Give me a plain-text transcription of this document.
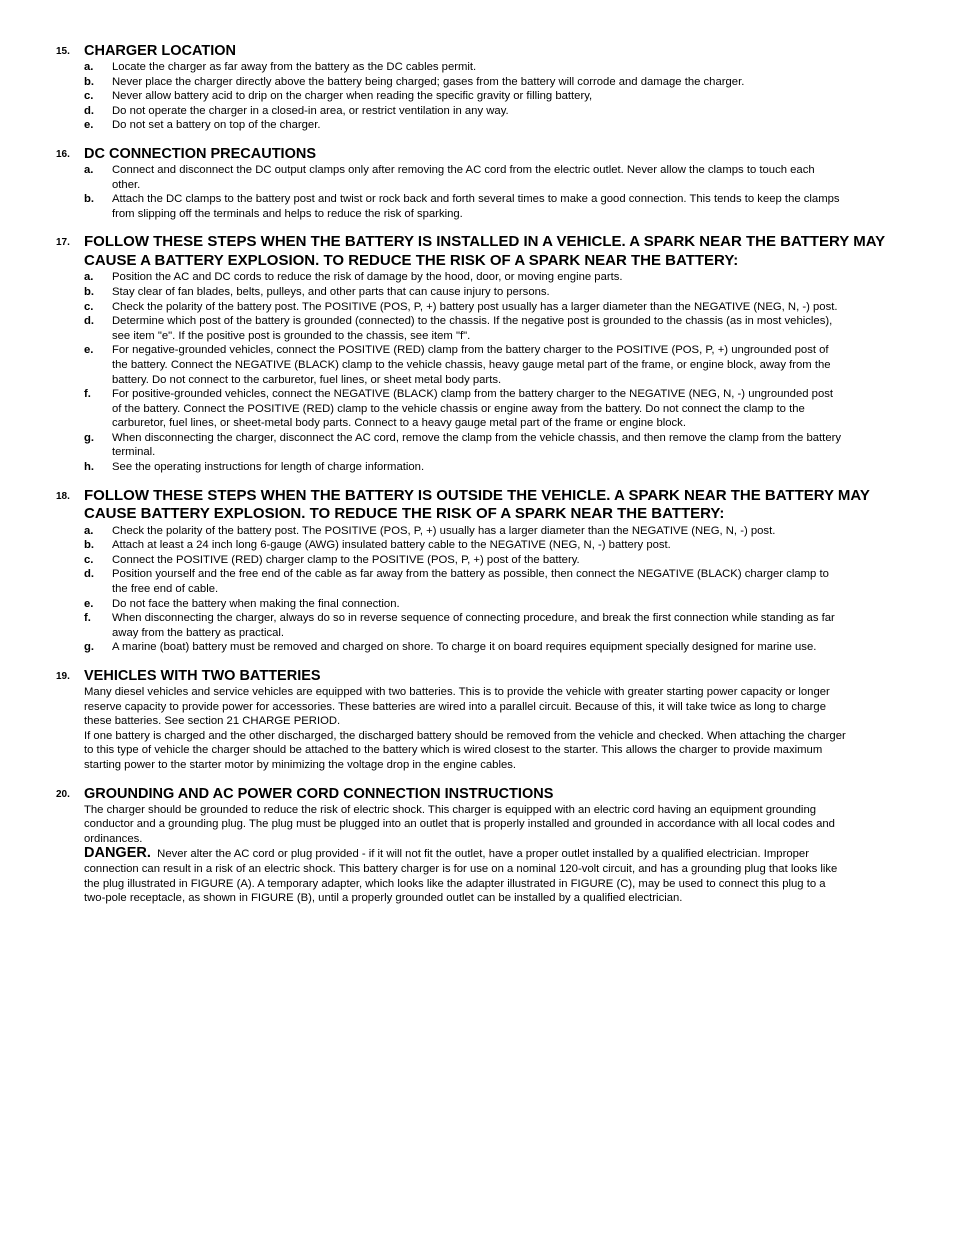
15. CHARGER LOCATION
a. Locate the charger as far away from the battery as the DC cables permit.
b. Never place the charger directly above the battery being charged; gases from the battery will corrode and damage the charger.
c. Never allow battery acid to drip on the charger when reading the specific gravity or filling battery,
d. Do not operate the charger in a closed-in area, or restrict ventilation in any way.
e. Do not set a battery on top of the charger.
16. DC CONNECTION PRECAUTIONS
a. Connect and disconnect the DC output clamps only after removing the AC cord from the electric outlet. Never allow the clamps to touch each other.
b. Attach the DC clamps to the battery post and twist or rock back and forth several times to make a good connection. This tends to keep the clamps from slipping off the terminals and helps to reduce the risk of sparking.
17. FOLLOW THESE STEPS WHEN THE BATTERY IS INSTALLED IN A VEHICLE. A SPARK NEAR THE BATTERY MAY CAUSE A BATTERY EXPLOSION. TO REDUCE THE RISK OF A SPARK NEAR THE BATTERY:
a. Position the AC and DC cords to reduce the risk of damage by the hood, door, or moving engine parts.
b. Stay clear of fan blades, belts, pulleys, and other parts that can cause injury to persons.
c. Check the polarity of the battery post. The POSITIVE (POS, P, +) battery post usually has a larger diameter than the NEGATIVE (NEG, N, -) post.
d. Determine which post of the battery is grounded (connected) to the chassis. If the negative post is grounded to the chassis (as in most vehicles), see item "e". If the positive post is grounded to the chassis, see item "f".
e. For negative-grounded vehicles, connect the POSITIVE (RED) clamp from the battery charger to the POSITIVE (POS, P, +) ungrounded post of the battery. Connect the NEGATIVE (BLACK) clamp to the vehicle chassis, heavy gauge metal part of the frame, or engine block, away from the battery. Do not connect to the carburetor, fuel lines, or sheet metal body parts.
f. For positive-grounded vehicles, connect the NEGATIVE (BLACK) clamp from the battery charger to the NEGATIVE (NEG, N, -) ungrounded post of the battery. Connect the POSITIVE (RED) clamp to the vehicle chassis or engine away from the battery. Do not connect the clamp to the carburetor, fuel lines, or sheet-metal body parts. Connect to a heavy gauge metal part of the frame or engine block.
g. When disconnecting the charger, disconnect the AC cord, remove the clamp from the vehicle chassis, and then remove the clamp from the battery terminal.
h. See the operating instructions for length of charge information.
18. FOLLOW THESE STEPS WHEN THE BATTERY IS OUTSIDE THE VEHICLE. A SPARK NEAR THE BATTERY MAY CAUSE BATTERY EXPLOSION. TO REDUCE THE RISK OF A SPARK NEAR THE BATTERY:
a. Check the polarity of the battery post. The POSITIVE (POS, P, +) usually has a larger diameter than the NEGATIVE (NEG, N, -) post.
b. Attach at least a 24 inch long 6-gauge (AWG) insulated battery cable to the NEGATIVE (NEG, N, -) battery post.
c. Connect the POSITIVE (RED) charger clamp to the POSITIVE (POS, P, +) post of the battery.
d. Position yourself and the free end of the cable as far away from the battery as possible, then connect the NEGATIVE (BLACK) charger clamp to the free end of cable.
e. Do not face the battery when making the final connection.
f. When disconnecting the charger, always do so in reverse sequence of connecting procedure, and break the first connection while standing as far away from the battery as practical.
g. A marine (boat) battery must be removed and charged on shore. To charge it on board requires equipment specially designed for marine use.
19. VEHICLES WITH TWO BATTERIES
Many diesel vehicles and service vehicles are equipped with two batteries. This is to provide the vehicle with greater starting power capacity or longer reserve capacity to provide power for accessories. These batteries are wired into a parallel circuit. Because of this, it will take twice as long to charge these batteries. See section 21 CHARGE PERIOD.
If one battery is charged and the other discharged, the discharged battery should be removed from the vehicle and checked. When attaching the charger to this type of vehicle the charger should be attached to the battery which is wired closest to the starter. This allows the charger to provide maximum starting power to the starter motor by minimizing the voltage drop in the engine cables.
20. GROUNDING AND AC POWER CORD CONNECTION INSTRUCTIONS
The charger should be grounded to reduce the risk of electric shock. This charger is equipped with an electric cord having an equipment grounding conductor and a grounding plug. The plug must be plugged into an outlet that is properly installed and grounded in accordance with all local codes and ordinances.
DANGER. Never alter the AC cord or plug provided - if it will not fit the outlet, have a proper outlet installed by a qualified electrician. Improper connection can result in a risk of an electric shock. This battery charger is for use on a nominal 120-volt circuit, and has a grounding plug that looks like the plug illustrated in FIGURE (A). A temporary adapter, which looks like the adapter illustrated in FIGURE (C), may be used to connect this plug to a two-pole receptacle, as shown in FIGURE (B), until a properly grounded outlet can be installed by a qualified electrician.
